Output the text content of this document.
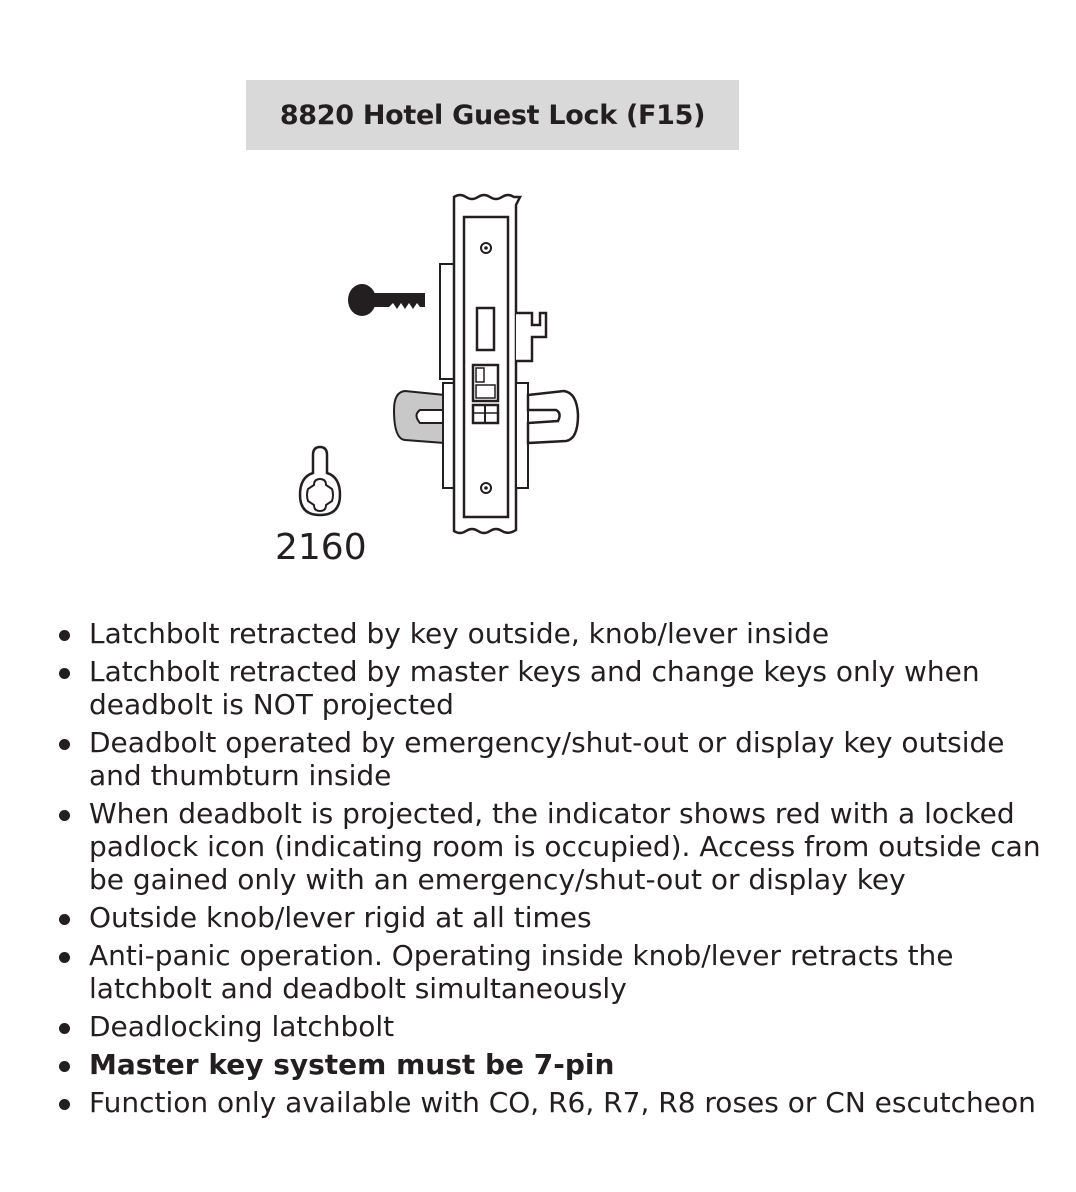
8820 Hotel Guest Lock (F15)
2160
Latchbolt retracted by key outside, knob/lever inside
Latchbolt retracted by master keys and change keys only when deadbolt is NOT projected
Deadbolt operated by emergency/shut-out or display key outside and thumbturn inside
When deadbolt is projected, the indicator shows red with a locked padlock icon (indicating room is occupied). Access from outside can be gained only with an emergency/shut-out or display key
Outside knob/lever rigid at all times
Anti-panic operation. Operating inside knob/lever retracts the latchbolt and deadbolt simultaneously
Deadlocking latchbolt
Master key system must be 7-pin
Function only available with CO, R6, R7, R8 roses or CN escutcheon
